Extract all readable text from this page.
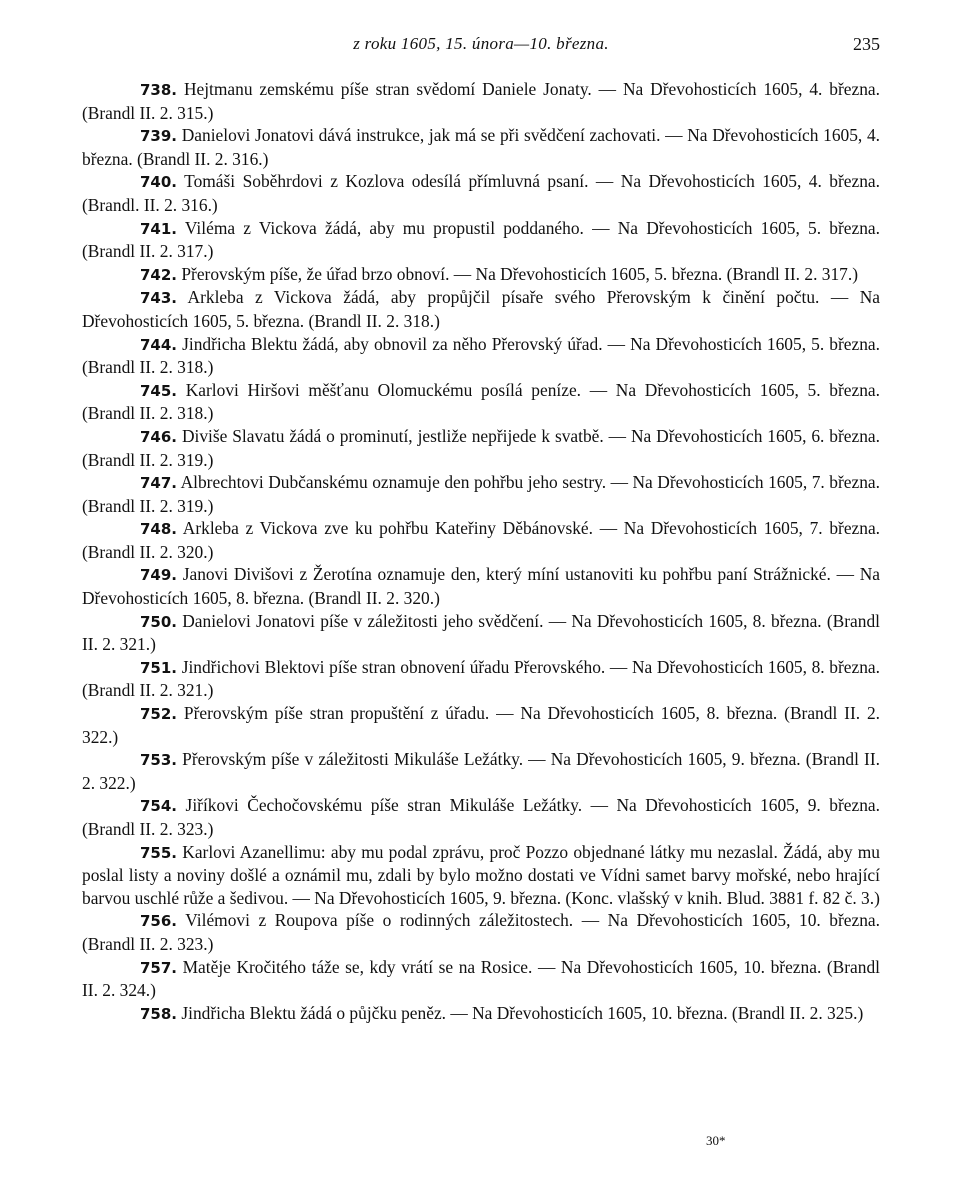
z roku 1605, 15. února—10. března.	235

738. Hejtmanu zemskému píše stran svědomí Daniele Jonaty. — Na Dřevohosticích 1605, 4. března. (Brandl II. 2. 315.)

739. Danielovi Jonatovi dává instrukce, jak má se při svědčení zachovati. — Na Dřevohosticích 1605, 4. března. (Brandl II. 2. 316.)

740. Tomáši Soběhrdovi z Kozlova odesílá přímluvná psaní. — Na Dřevohosticích 1605, 4. března. (Brandl. II. 2. 316.)

741. Viléma z Vickova žádá, aby mu propustil poddaného. — Na Dřevohosticích 1605, 5. března. (Brandl II. 2. 317.)

742. Přerovským píše, že úřad brzo obnoví. — Na Dřevohosticích 1605, 5. března. (Brandl II. 2. 317.)

743. Arkleba z Vickova žádá, aby propůjčil písaře svého Přerovským k činění počtu. — Na Dřevohosticích 1605, 5. března. (Brandl II. 2. 318.)

744. Jindřicha Blektu žádá, aby obnovil za něho Přerovský úřad. — Na Dřevohosticích 1605, 5. března. (Brandl II. 2. 318.)

745. Karlovi Hiršovi měšťanu Olomuckému posílá peníze. — Na Dřevohosticích 1605, 5. března. (Brandl II. 2. 318.)

746. Diviše Slavatu žádá o prominutí, jestliže nepřijede k svatbě. — Na Dřevohosticích 1605, 6. března. (Brandl II. 2. 319.)

747. Albrechtovi Dubčanskému oznamuje den pohřbu jeho sestry. — Na Dřevohosticích 1605, 7. března. (Brandl II. 2. 319.)

748. Arkleba z Vickova zve ku pohřbu Kateřiny Děbánovské. — Na Dřevohosticích 1605, 7. března. (Brandl II. 2. 320.)

749. Janovi Divišovi z Žerotína oznamuje den, který míní ustanoviti ku pohřbu paní Strážnické. — Na Dřevohosticích 1605, 8. března. (Brandl II. 2. 320.)

750. Danielovi Jonatovi píše v záležitosti jeho svědčení. — Na Dřevohosticích 1605, 8. března. (Brandl II. 2. 321.)

751. Jindřichovi Blektovi píše stran obnovení úřadu Přerovského. — Na Dřevohosticích 1605, 8. března. (Brandl II. 2. 321.)

752. Přerovským píše stran propuštění z úřadu. — Na Dřevohosticích 1605, 8. března. (Brandl II. 2. 322.)

753. Přerovským píše v záležitosti Mikuláše Ležátky. — Na Dřevohosticích 1605, 9. března. (Brandl II. 2. 322.)

754. Jiříkovi Čechočovskému píše stran Mikuláše Ležátky. — Na Dřevohosticích 1605, 9. března. (Brandl II. 2. 323.)

755. Karlovi Azanellimu: aby mu podal zprávu, proč Pozzo objednané látky mu nezaslal. Žádá, aby mu poslal listy a noviny došlé a oznámil mu, zdali by bylo možno dostati ve Vídni samet barvy mořské, nebo hrající barvou uschlé růže a šedivou. — Na Dřevohosticích 1605, 9. března. (Konc. vlašský v knih. Blud. 3881 f. 82 č. 3.)

756. Vilémovi z Roupova píše o rodinných záležitostech. — Na Dřevohosticích 1605, 10. března. (Brandl II. 2. 323.)

757. Matěje Kročitého táže se, kdy vrátí se na Rosice. — Na Dřevohosticích 1605, 10. března. (Brandl II. 2. 324.)

758. Jindřicha Blektu žádá o půjčku peněz. — Na Dřevohosticích 1605, 10. března. (Brandl II. 2. 325.)

30*
